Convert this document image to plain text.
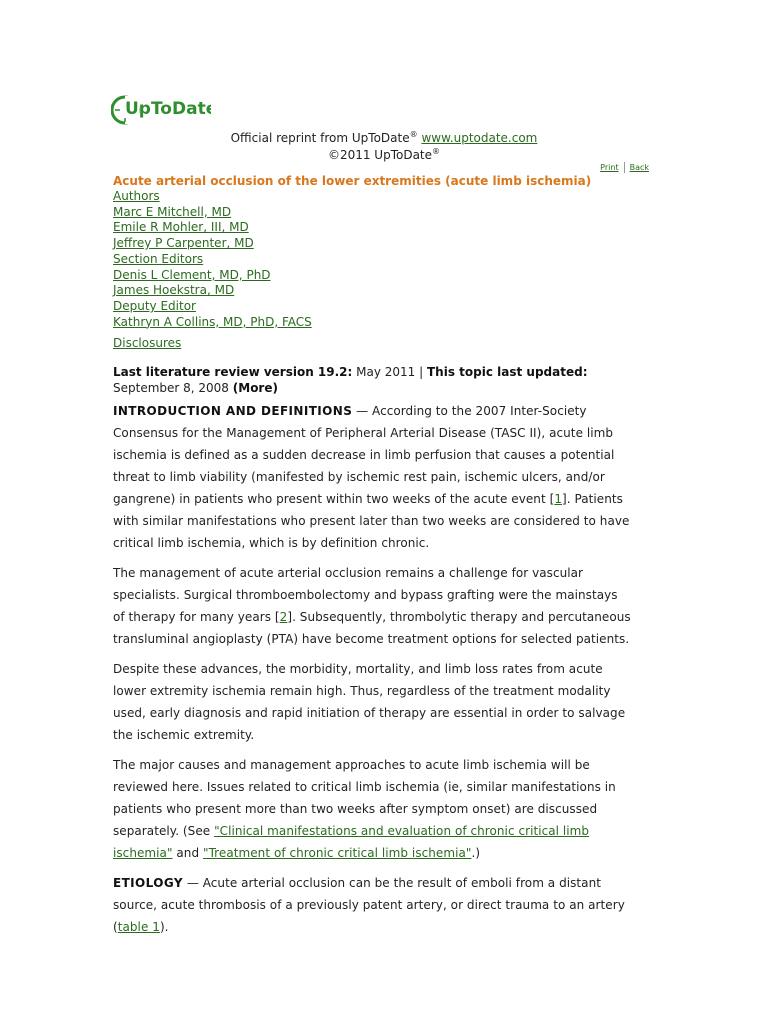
UpToDate
Official reprint from UpToDate® www.uptodate.com
©2011 UpToDate®
Print Back
Acute arterial occlusion of the lower extremities (acute limb ischemia)
Authors
Marc E Mitchell, MD
Emile R Mohler, III, MD
Jeffrey P Carpenter, MD
Section Editors
Denis L Clement, MD, PhD
James Hoekstra, MD
Deputy Editor
Kathryn A Collins, MD, PhD, FACS
Disclosures
Last literature review version 19.2: May 2011 | This topic last updated: September 8, 2008 (More)

INTRODUCTION AND DEFINITIONS — According to the 2007 Inter-Society Consensus for the Management of Peripheral Arterial Disease (TASC II), acute limb ischemia is defined as a sudden decrease in limb perfusion that causes a potential threat to limb viability (manifested by ischemic rest pain, ischemic ulcers, and/or gangrene) in patients who present within two weeks of the acute event [1]. Patients with similar manifestations who present later than two weeks are considered to have critical limb ischemia, which is by definition chronic.

The management of acute arterial occlusion remains a challenge for vascular specialists. Surgical thromboembolectomy and bypass grafting were the mainstays of therapy for many years [2]. Subsequently, thrombolytic therapy and percutaneous transluminal angioplasty (PTA) have become treatment options for selected patients.

Despite these advances, the morbidity, mortality, and limb loss rates from acute lower extremity ischemia remain high. Thus, regardless of the treatment modality used, early diagnosis and rapid initiation of therapy are essential in order to salvage the ischemic extremity.

The major causes and management approaches to acute limb ischemia will be reviewed here. Issues related to critical limb ischemia (ie, similar manifestations in patients who present more than two weeks after symptom onset) are discussed separately. (See "Clinical manifestations and evaluation of chronic critical limb ischemia" and "Treatment of chronic critical limb ischemia".)

ETIOLOGY — Acute arterial occlusion can be the result of emboli from a distant source, acute thrombosis of a previously patent artery, or direct trauma to an artery (table 1).
